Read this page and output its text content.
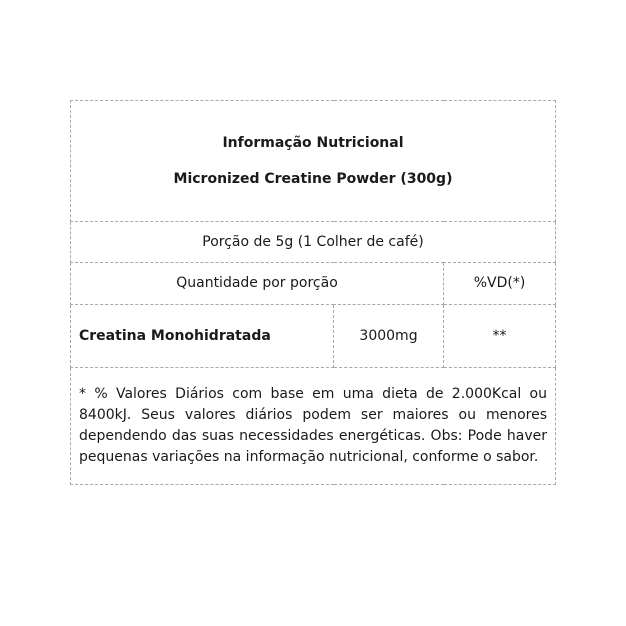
Informação Nutricional
Micronized Creatine Powder (300g)		

Porção de 5g (1 Colher de café)		
Quantidade por porção		%VD(*)
Creatina Monohidratada	3000mg	**
* % Valores Diários com base em uma dieta de 2.000Kcal ou 8400kJ. Seus valores diários podem ser maiores ou menores dependendo das suas necessidades energéticas. Obs: Pode haver pequenas variações na informação nutricional, conforme o sabor.		
